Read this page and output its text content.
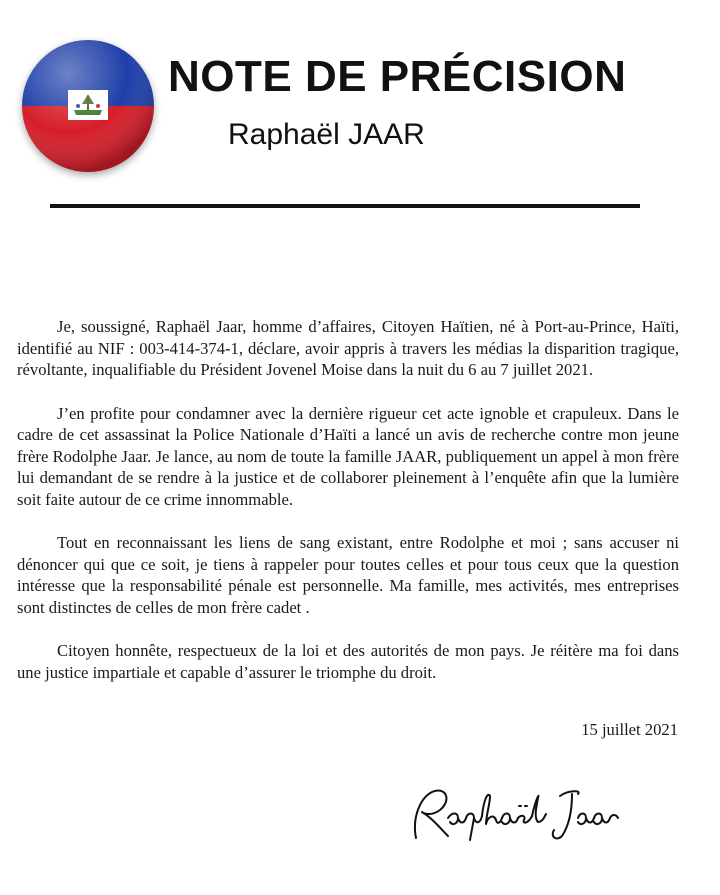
NOTE DE PRÉCISION
Raphaël JAAR

Je, soussigné, Raphaël Jaar, homme d’affaires, Citoyen Haïtien, né à Port-au-Prince, Haïti, identifié au NIF : 003-414-374-1, déclare, avoir appris à travers les médias la disparition tragique, révoltante, inqualifiable du Président Jovenel Moise dans la nuit du 6 au 7 juillet 2021.

J’en profite pour condamner avec la dernière rigueur cet acte ignoble et crapuleux. Dans le cadre de cet assassinat la Police Nationale d’Haïti a lancé un avis de recherche contre mon jeune frère Rodolphe Jaar. Je lance, au nom de toute la famille JAAR, publiquement un appel à mon frère lui demandant de se rendre à la justice et de collaborer pleinement à l’enquête afin que la lumière soit faite autour de ce crime innommable.

Tout en reconnaissant les liens de sang existant, entre Rodolphe et moi ; sans accuser ni dénoncer qui que ce soit, je tiens à rappeler pour toutes celles et pour tous ceux que la question intéresse que la responsabilité pénale est personnelle. Ma famille, mes activités, mes entreprises sont distinctes de celles de mon frère cadet .

Citoyen honnête, respectueux de la loi et des autorités de mon pays. Je réitère ma foi dans une justice impartiale et capable d’assurer le triomphe du droit.

15 juillet 2021
